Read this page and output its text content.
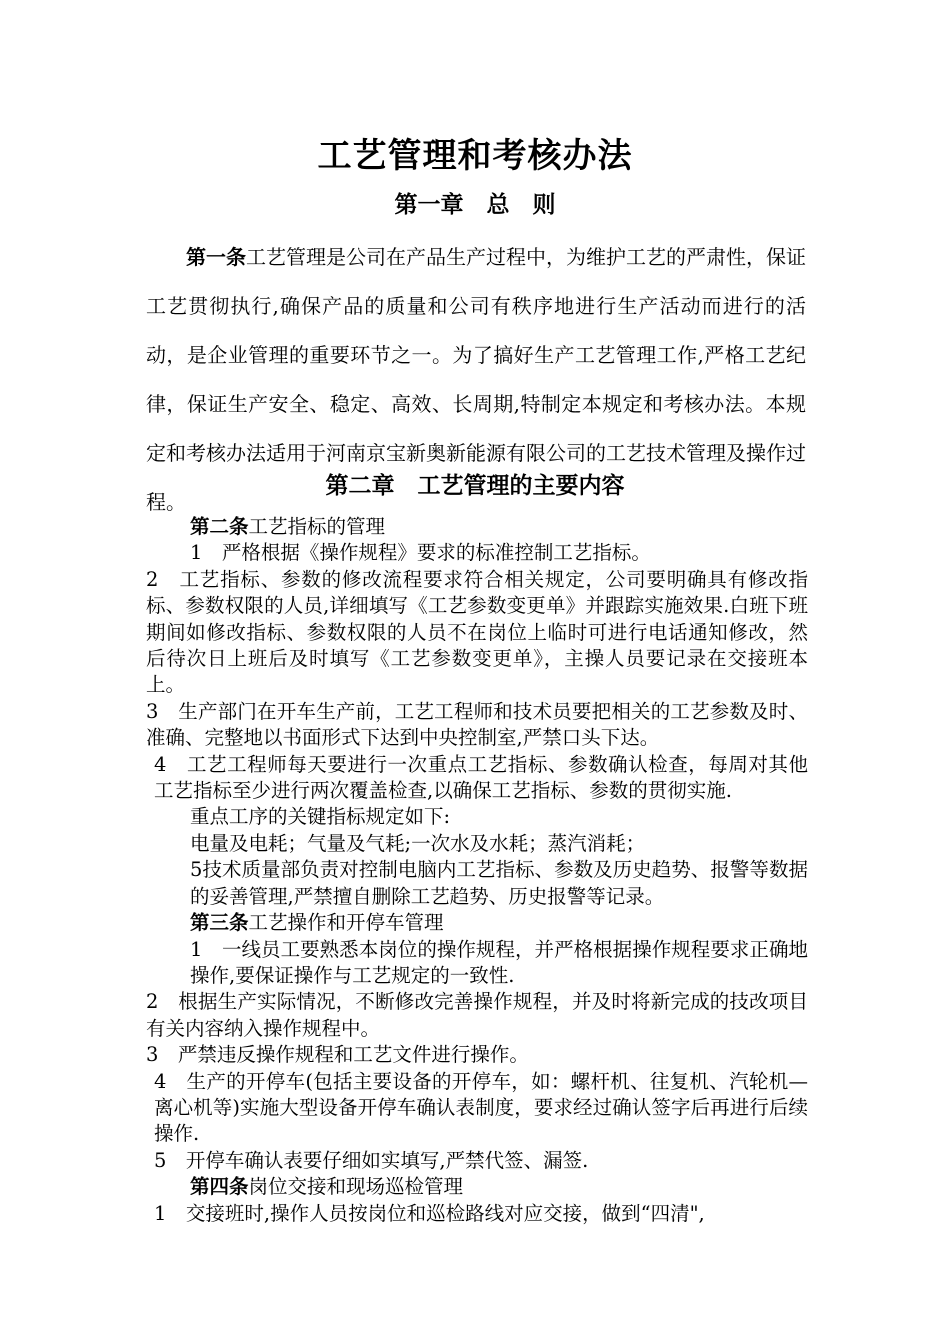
工艺管理和考核办法
第一章　总　则

第一条工艺管理是公司在产品生产过程中，为维护工艺的严肃性，保证工艺贯彻执行,确保产品的质量和公司有秩序地进行生产活动而进行的活动，是企业管理的重要环节之一。为了搞好生产工艺管理工作,严格工艺纪律，保证生产安全、稳定、高效、长周期,特制定本规定和考核办法。本规定和考核办法适用于河南京宝新奥新能源有限公司的工艺技术管理及操作过程。

第二章　工艺管理的主要内容

第二条工艺指标的管理

1　严格根据《操作规程》要求的标准控制工艺指标。

2　工艺指标、参数的修改流程要求符合相关规定，公司要明确具有修改指标、参数权限的人员,详细填写《工艺参数变更单》并跟踪实施效果.白班下班期间如修改指标、参数权限的人员不在岗位上临时可进行电话通知修改，然后待次日上班后及时填写《工艺参数变更单》，主操人员要记录在交接班本上。

3　生产部门在开车生产前，工艺工程师和技术员要把相关的工艺参数及时、准确、完整地以书面形式下达到中央控制室,严禁口头下达。

4　工艺工程师每天要进行一次重点工艺指标、参数确认检查，每周对其他工艺指标至少进行两次覆盖检查,以确保工艺指标、参数的贯彻实施.

重点工序的关键指标规定如下:

电量及电耗；气量及气耗;一次水及水耗；蒸汽消耗；

5技术质量部负责对控制电脑内工艺指标、参数及历史趋势、报警等数据的妥善管理,严禁擅自删除工艺趋势、历史报警等记录。

第三条工艺操作和开停车管理

1　一线员工要熟悉本岗位的操作规程，并严格根据操作规程要求正确地操作,要保证操作与工艺规定的一致性.

2　根据生产实际情况，不断修改完善操作规程，并及时将新完成的技改项目有关内容纳入操作规程中。

3　严禁违反操作规程和工艺文件进行操作。

4　生产的开停车(包括主要设备的开停车，如：螺杆机、往复机、汽轮机—离心机等)实施大型设备开停车确认表制度，要求经过确认签字后再进行后续操作.

5　开停车确认表要仔细如实填写,严禁代签、漏签.

第四条岗位交接和现场巡检管理

1　交接班时,操作人员按岗位和巡检路线对应交接，做到“四清",
